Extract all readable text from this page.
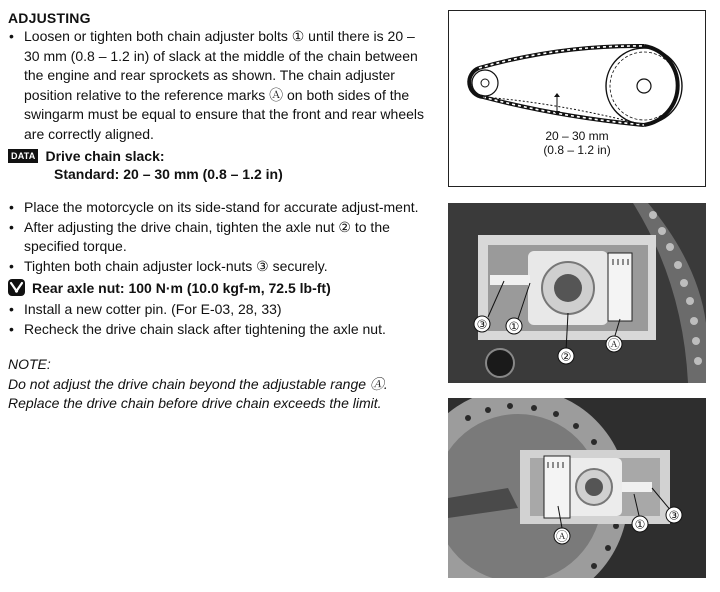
ADJUSTING
• Loosen or tighten both chain adjuster bolts ① until there is 20 – 30 mm (0.8 – 1.2 in) of slack at the middle of the chain between the engine and rear sprockets as shown. The chain adjuster position relative to the reference marks Ⓐ on both sides of the swingarm must be equal to ensure that the front and rear wheels are correctly aligned.
DATA Drive chain slack:
Standard: 20 – 30 mm (0.8 – 1.2 in)
• Place the motorcycle on its side-stand for accurate adjust-ment.
• After adjusting the drive chain, tighten the axle nut ② to the specified torque.
• Tighten both chain adjuster lock-nuts ③ securely.
Rear axle nut: 100 N·m (10.0 kgf-m, 72.5 lb-ft)
• Install a new cotter pin. (For E-03, 28, 33)
• Recheck the drive chain slack after tightening the axle nut.
NOTE:
Do not adjust the drive chain beyond the adjustable range Ⓐ.
Replace the drive chain before drive chain exceeds the limit.
20 – 30 mm
(0.8 – 1.2 in)
③ ①
②
Ⓐ
Ⓐ
①
③
